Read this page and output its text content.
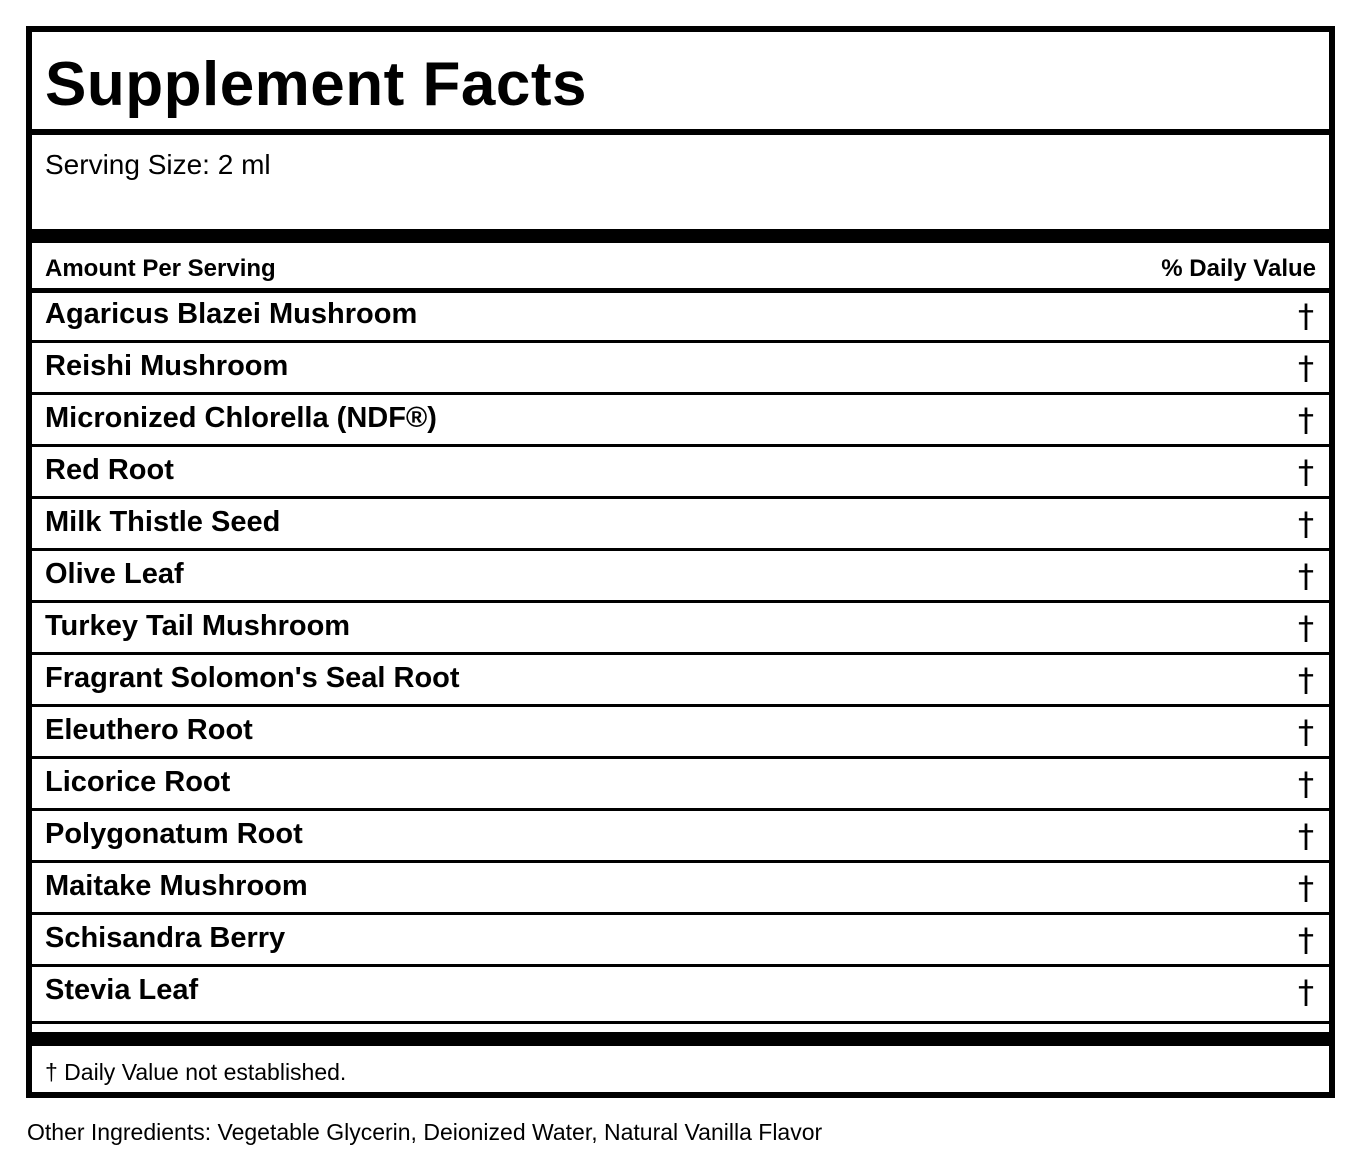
Supplement Facts
Serving Size: 2 ml
Amount Per Serving	% Daily Value
Agaricus Blazei Mushroom	†
Reishi Mushroom	†
Micronized Chlorella (NDF®)	†
Red Root	†
Milk Thistle Seed	†
Olive Leaf	†
Turkey Tail Mushroom	†
Fragrant Solomon's Seal Root	†
Eleuthero Root	†
Licorice Root	†
Polygonatum Root	†
Maitake Mushroom	†
Schisandra Berry	†
Stevia Leaf	†
† Daily Value not established.
Other Ingredients: Vegetable Glycerin, Deionized Water, Natural Vanilla Flavor
